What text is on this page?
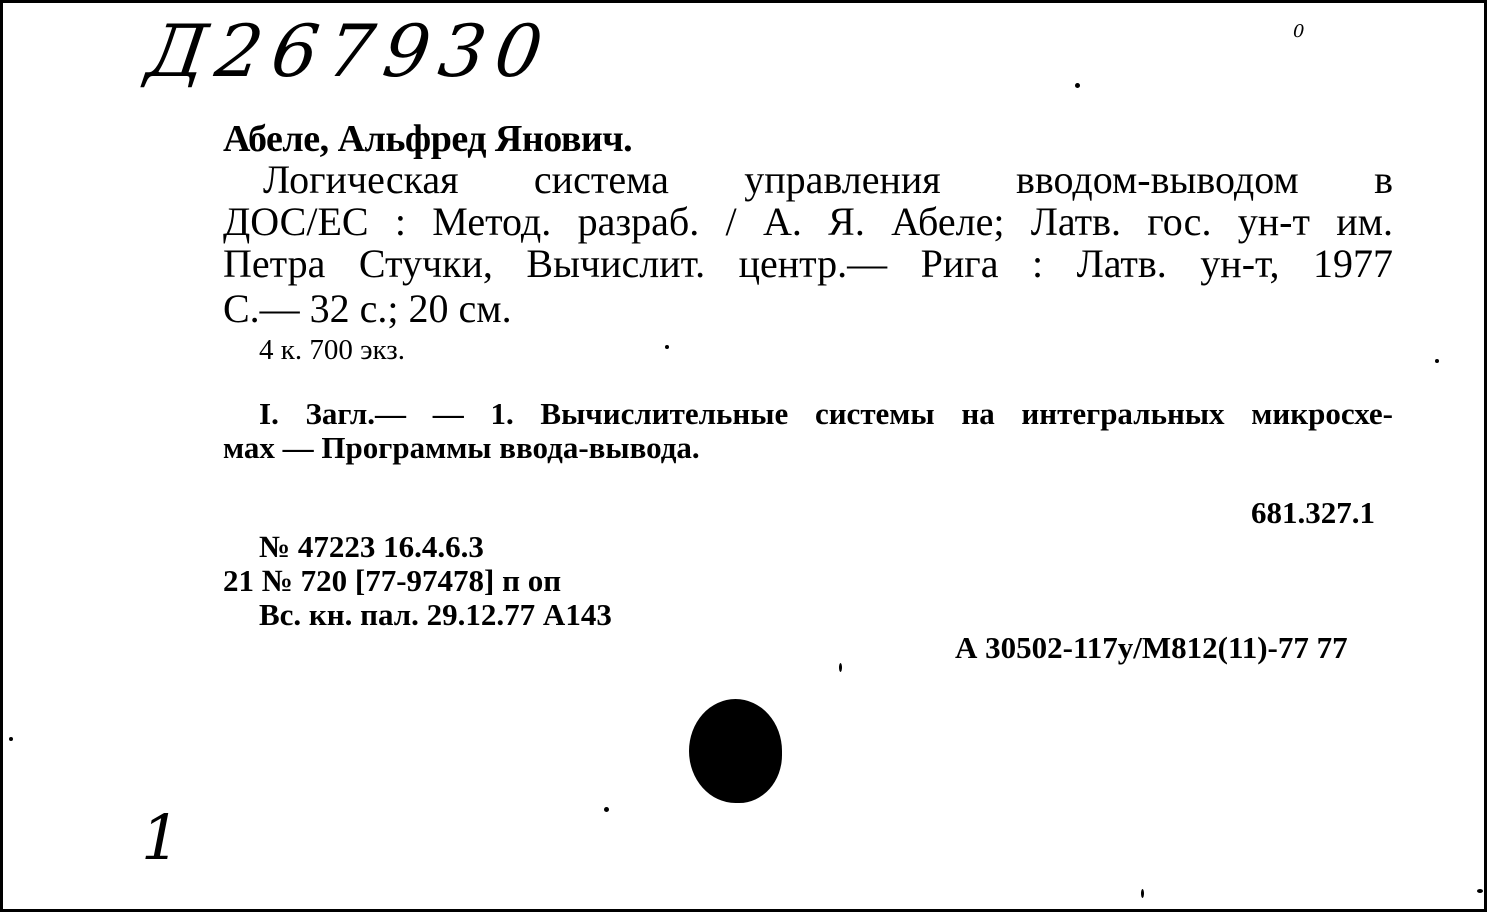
Д267930	0
Абеле, Альфред Янович.
Логическая система управления вводом-выводом в
ДОС/ЕС : Метод. разраб. / А. Я. Абеле; Латв. гос. ун-т им.
Петра Стучки, Вычислит. центр.— Рига : Латв. ун-т, 1977
С.— 32 с.; 20 см.
4 к. 700 экз.
I. Загл.— — 1. Вычислительные системы на интегральных микросхе-
мах — Программы ввода-вывода.
681.327.1
№ 47223 16.4.6.3
21 № 720 [77-97478] п оп
Вс. кн. пал. 29.12.77 А143
А 30502-117у/М812(11)-77 77
1
